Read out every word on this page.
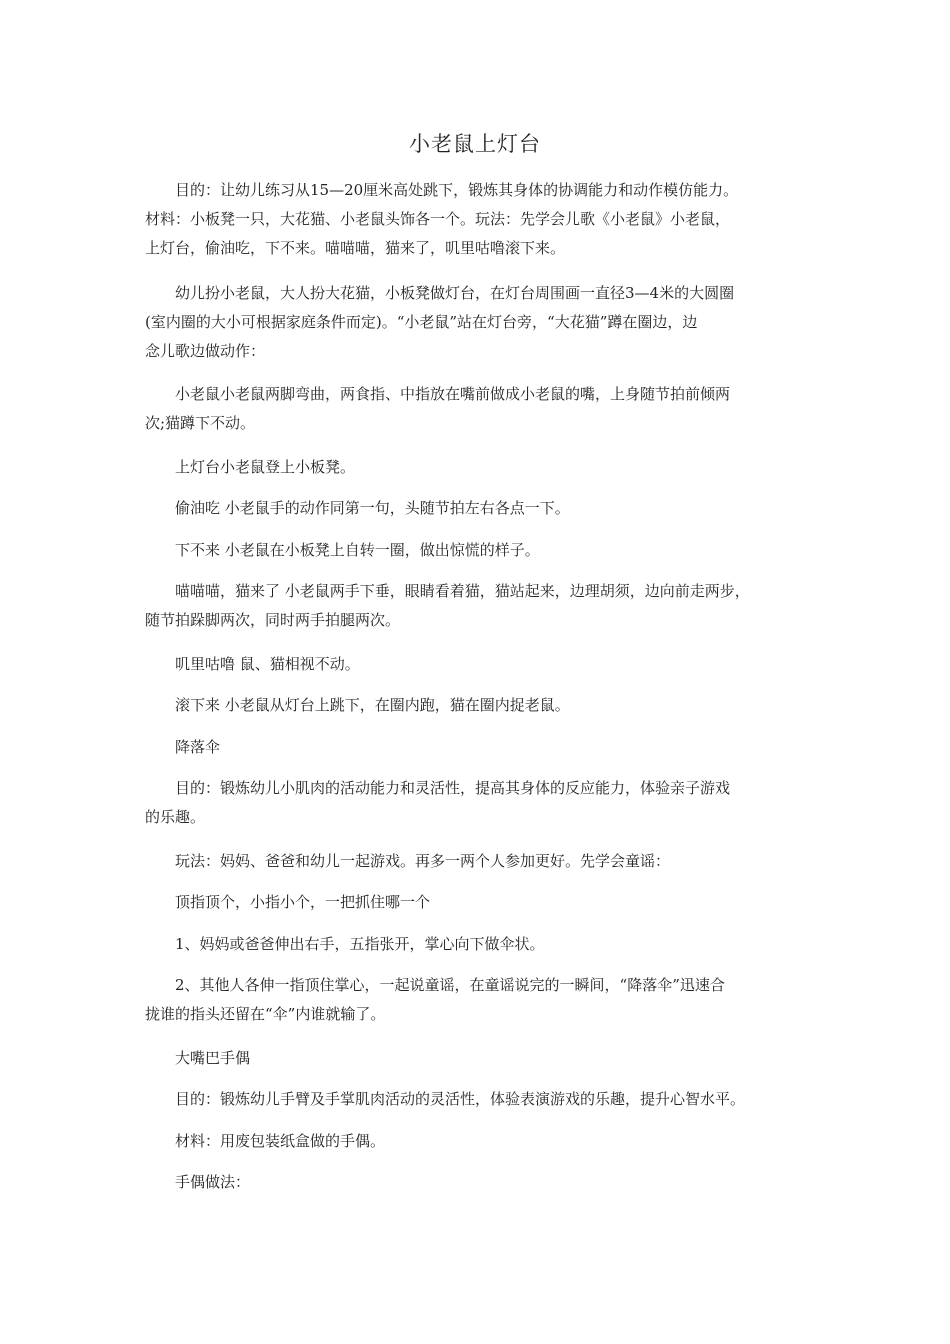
小老鼠上灯台
　　目的：让幼儿练习从15—20厘米高处跳下，锻炼其身体的协调能力和动作模仿能力。
材料：小板凳一只，大花猫、小老鼠头饰各一个。玩法：先学会儿歌《小老鼠》小老鼠，
上灯台，偷油吃，下不来。喵喵喵，猫来了，叽里咕噜滚下来。
　　幼儿扮小老鼠，大人扮大花猫，小板凳做灯台，在灯台周围画一直径3—4米的大圆圈
(室内圈的大小可根据家庭条件而定)。“小老鼠”站在灯台旁，“大花猫”蹲在圈边，边
念儿歌边做动作：
　　小老鼠小老鼠两脚弯曲，两食指、中指放在嘴前做成小老鼠的嘴，上身随节拍前倾两
次;猫蹲下不动。
　　上灯台小老鼠登上小板凳。
　　偷油吃 小老鼠手的动作同第一句，头随节拍左右各点一下。
　　下不来 小老鼠在小板凳上自转一圈，做出惊慌的样子。
　　喵喵喵，猫来了 小老鼠两手下垂，眼睛看着猫，猫站起来，边理胡须，边向前走两步，
随节拍跺脚两次，同时两手拍腿两次。
　　叽里咕噜 鼠、猫相视不动。
　　滚下来 小老鼠从灯台上跳下，在圈内跑，猫在圈内捉老鼠。
　　降落伞
　　目的：锻炼幼儿小肌肉的活动能力和灵活性，提高其身体的反应能力，体验亲子游戏
的乐趣。
　　玩法：妈妈、爸爸和幼儿一起游戏。再多一两个人参加更好。先学会童谣：
　　顶指顶个，小指小个，一把抓住哪一个
　　1、妈妈或爸爸伸出右手，五指张开，掌心向下做伞状。
　　2、其他人各伸一指顶住掌心，一起说童谣，在童谣说完的一瞬间，“降落伞”迅速合
拢谁的指头还留在“伞”内谁就输了。
　　大嘴巴手偶
　　目的：锻炼幼儿手臂及手掌肌肉活动的灵活性，体验表演游戏的乐趣，提升心智水平。
　　材料：用废包装纸盒做的手偶。
　　手偶做法：
